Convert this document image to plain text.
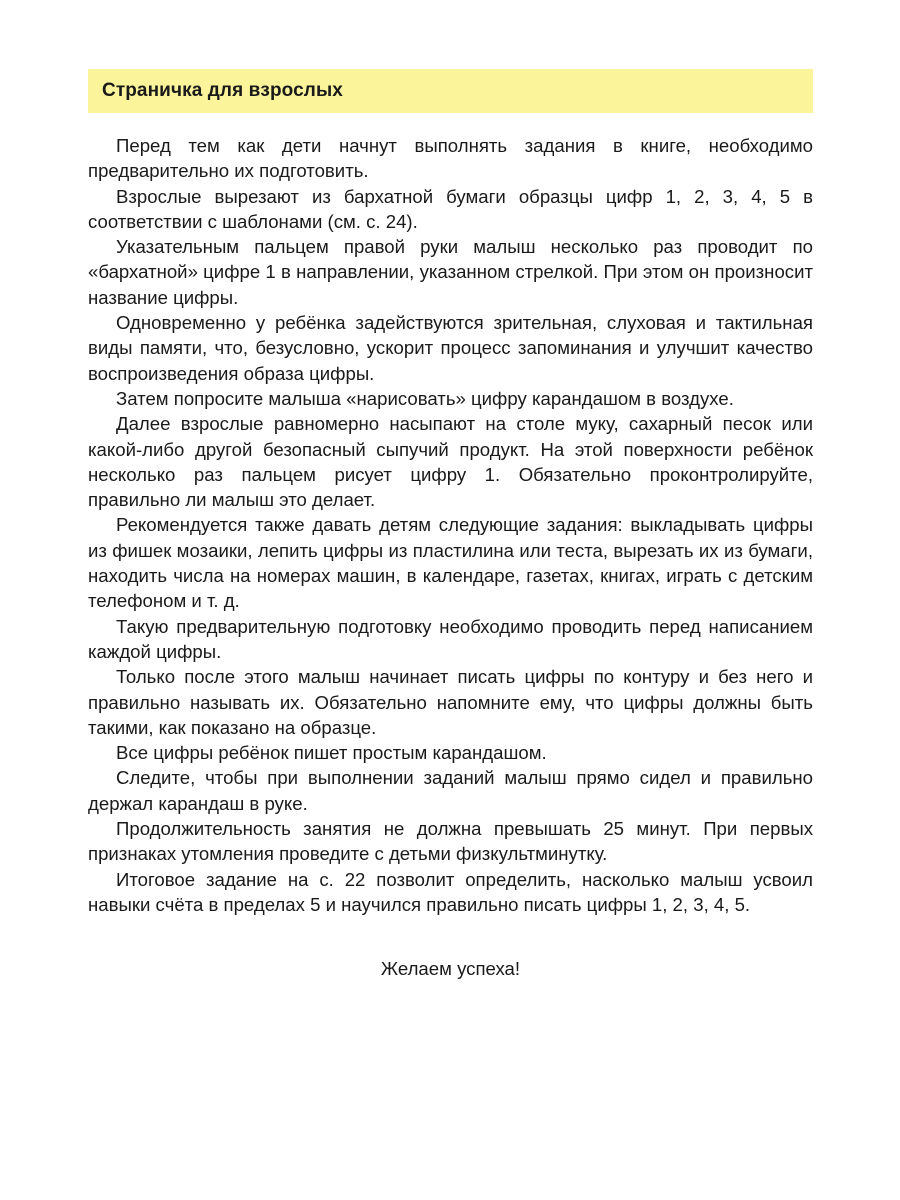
Страничка для взрослых

Перед тем как дети начнут выполнять задания в книге, необходимо предварительно их подготовить.

Взрослые вырезают из бархатной бумаги образцы цифр 1, 2, 3, 4, 5 в соответствии с шаблонами (см. с. 24).

Указательным пальцем правой руки малыш несколько раз проводит по «бархатной» цифре 1 в направлении, указанном стрелкой. При этом он произносит название цифры.

Одновременно у ребёнка задействуются зрительная, слуховая и тактильная виды памяти, что, безусловно, ускорит процесс запоминания и улучшит качество воспроизведения образа цифры.

Затем попросите малыша «нарисовать» цифру карандашом в воздухе.

Далее взрослые равномерно насыпают на столе муку, сахарный песок или какой-либо другой безопасный сыпучий продукт. На этой поверхности ребёнок несколько раз пальцем рисует цифру 1. Обязательно проконтролируйте, правильно ли малыш это делает.

Рекомендуется также давать детям следующие задания: выкладывать цифры из фишек мозаики, лепить цифры из пластилина или теста, вырезать их из бумаги, находить числа на номерах машин, в календаре, газетах, книгах, играть с детским телефоном и т. д.

Такую предварительную подготовку необходимо проводить перед написанием каждой цифры.

Только после этого малыш начинает писать цифры по контуру и без него и правильно называть их. Обязательно напомните ему, что цифры должны быть такими, как показано на образце.

Все цифры ребёнок пишет простым карандашом.

Следите, чтобы при выполнении заданий малыш прямо сидел и правильно держал карандаш в руке.

Продолжительность занятия не должна превышать 25 минут. При первых признаках утомления проведите с детьми физкультминутку.

Итоговое задание на с. 22 позволит определить, насколько малыш усвоил навыки счёта в пределах 5 и научился правильно писать цифры 1, 2, 3, 4, 5.

Желаем успеха!
